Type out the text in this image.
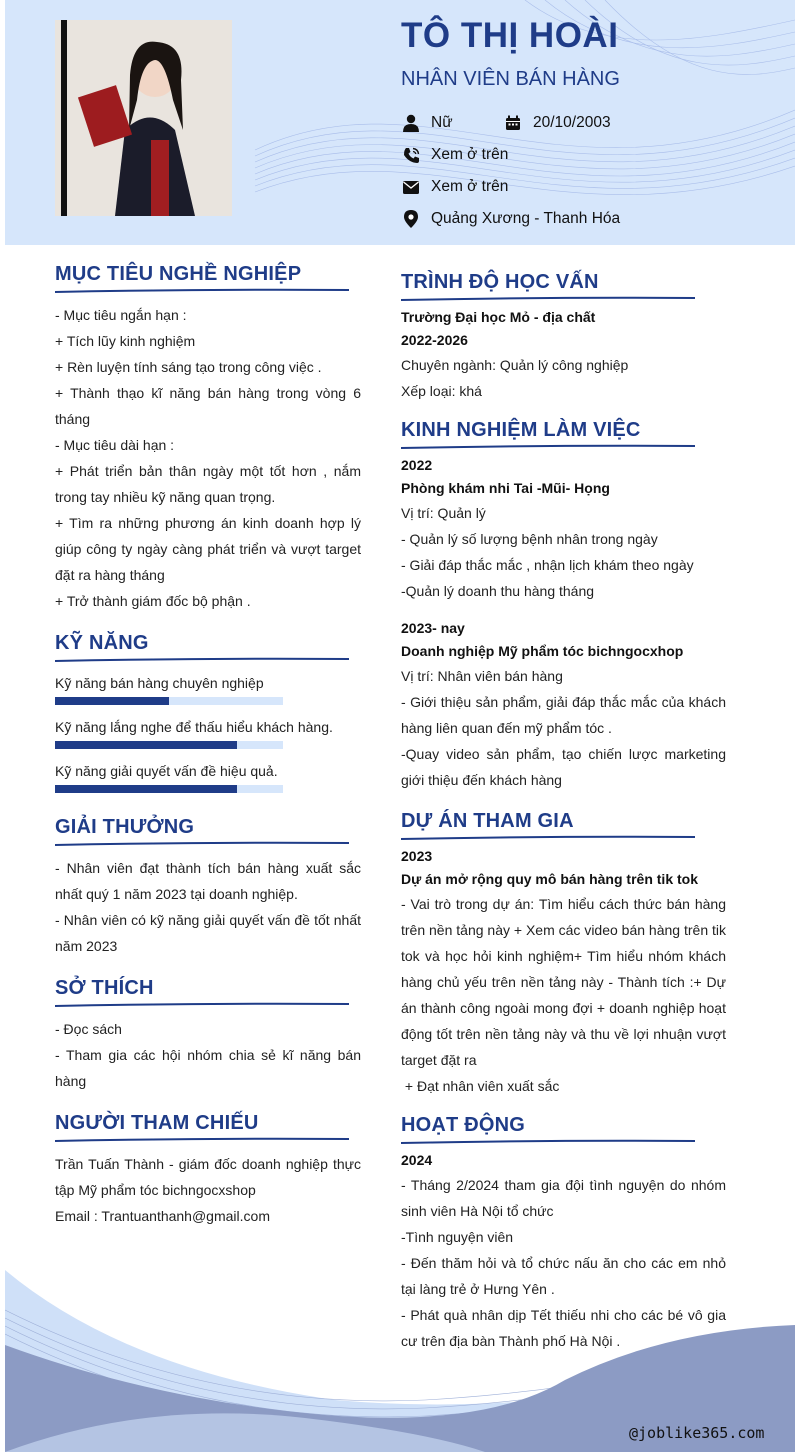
TÔ THỊ HOÀI
NHÂN VIÊN BÁN HÀNG
Nữ	20/10/2003
Xem ở trên
Xem ở trên
Quảng Xương - Thanh Hóa
MỤC TIÊU NGHỀ NGHIỆP

- Mục tiêu ngắn hạn :

+ Tích lũy kinh nghiệm

+ Rèn luyện tính sáng tạo trong công việc .

+ Thành thạo kĩ năng bán hàng trong vòng 6 tháng

- Mục tiêu dài hạn :

+ Phát triển bản thân ngày một tốt hơn , nắm trong tay nhiều kỹ năng quan trọng.

+ Tìm ra những phương án kinh doanh hợp lý giúp công ty ngày càng phát triển và vượt target đặt ra hàng tháng

+ Trở thành giám đốc bộ phận .

KỸ NĂNG

Kỹ năng bán hàng chuyên nghiệp

Kỹ năng lắng nghe để thấu hiểu khách hàng.

Kỹ năng giải quyết vấn đề hiệu quả.

GIẢI THƯỞNG

- Nhân viên đạt thành tích bán hàng xuất sắc nhất quý 1 năm 2023 tại doanh nghiệp.

- Nhân viên có kỹ năng giải quyết vấn đề tốt nhất năm 2023

SỞ THÍCH

- Đọc sách

- Tham gia các hội nhóm chia sẻ kĩ năng bán hàng

NGƯỜI THAM CHIẾU

Trần Tuấn Thành - giám đốc doanh nghiệp thực tập Mỹ phẩm tóc bichngocxshop

Email : Trantuanthanh@gmail.com

TRÌNH ĐỘ HỌC VẤN

Trường Đại học Mỏ - địa chất

2022-2026

Chuyên ngành: Quản lý công nghiệp

Xếp loại: khá

KINH NGHIỆM LÀM VIỆC

2022

Phòng khám nhi Tai -Mũi- Họng

Vị trí: Quản lý

- Quản lý số lượng bệnh nhân trong ngày

- Giải đáp thắc mắc , nhận lịch khám theo ngày

-Quản lý doanh thu hàng tháng

2023- nay

Doanh nghiệp Mỹ phẩm tóc bichngocxhop

Vị trí: Nhân viên bán hàng

- Giới thiệu sản phẩm, giải đáp thắc mắc của khách hàng liên quan đến mỹ phẩm tóc .

-Quay video sản phẩm, tạo chiến lược marketing giới thiệu đến khách hàng

DỰ ÁN THAM GIA

2023

Dự án mở rộng quy mô bán hàng trên tik tok

- Vai trò trong dự án: Tìm hiểu cách thức bán hàng trên nền tảng này + Xem các video bán hàng trên tik tok và học hỏi kinh nghiệm+ Tìm hiểu nhóm khách hàng chủ yếu trên nền tảng này - Thành tích :+ Dự án thành công ngoài mong đợi + doanh nghiệp hoạt động tốt trên nền tảng này và thu về lợi nhuận vượt target đặt ra

+ Đạt nhân viên xuất sắc

HOẠT ĐỘNG

2024

- Tháng 2/2024 tham gia đội tình nguyện do nhóm sinh viên Hà Nội tổ chức

-Tình nguyện viên

- Đến thăm hỏi và tổ chức nấu ăn cho các em nhỏ tại làng trẻ ở Hưng Yên .

- Phát quà nhân dịp Tết thiếu nhi cho các bé vô gia cư trên địa bàn Thành phố Hà Nội .

@joblike365.com
